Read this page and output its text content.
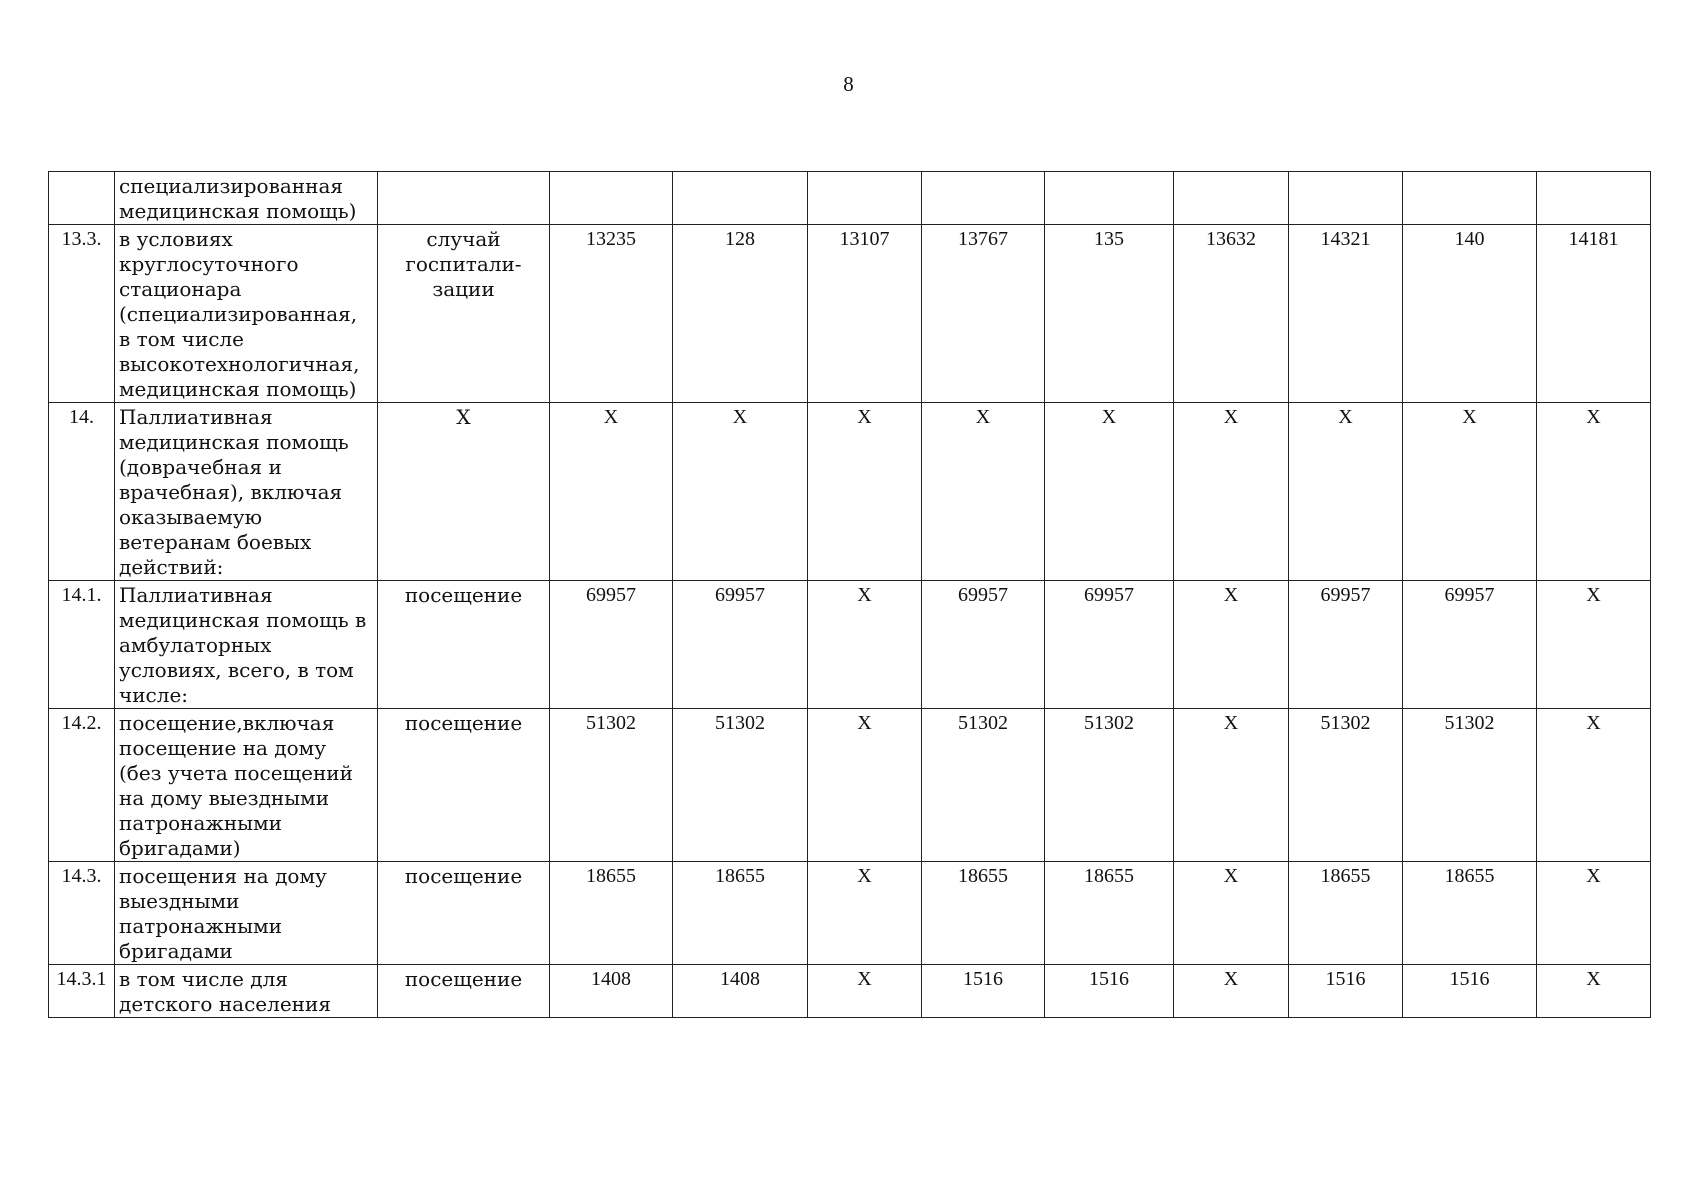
8
	специализированная медицинская помощь)										
13.3.	в условиях круглосуточного стационара (специализированная, в том числе высокотехнологичная, медицинская помощь)	случай госпитали-зации	13235	128	13107	13767	135	13632	14321	140	14181
14.	Паллиативная медицинская помощь (доврачебная и врачебная), включая оказываемую ветеранам боевых действий:	Х	Х	Х	Х	Х	Х	Х	Х	Х	Х
14.1.	Паллиативная медицинская помощь в амбулаторных условиях, всего, в том числе:	посещение	69957	69957	Х	69957	69957	Х	69957	69957	Х
14.2.	посещение,включая посещение на дому (без учета посещений на дому выездными патронажными бригадами)	посещение	51302	51302	Х	51302	51302	Х	51302	51302	Х
14.3.	посещения на дому выездными патронажными бригадами	посещение	18655	18655	Х	18655	18655	Х	18655	18655	Х
14.3.1	в том числе для детского населения	посещение	1408	1408	Х	1516	1516	Х	1516	1516	Х
